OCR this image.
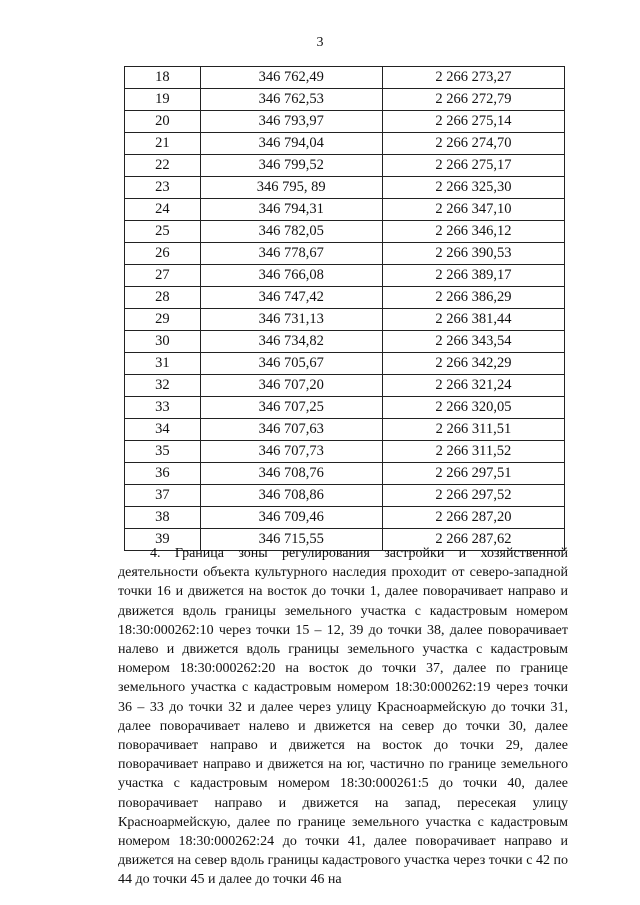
3
18	346 762,49	2 266 273,27
19	346 762,53	2 266 272,79
20	346 793,97	2 266 275,14
21	346 794,04	2 266 274,70
22	346 799,52	2 266 275,17
23	346 795, 89	2 266 325,30
24	346 794,31	2 266 347,10
25	346 782,05	2 266 346,12
26	346 778,67	2 266 390,53
27	346 766,08	2 266 389,17
28	346 747,42	2 266 386,29
29	346 731,13	2 266 381,44
30	346 734,82	2 266 343,54
31	346 705,67	2 266 342,29
32	346 707,20	2 266 321,24
33	346 707,25	2 266 320,05
34	346 707,63	2 266 311,51
35	346 707,73	2 266 311,52
36	346 708,76	2 266 297,51
37	346 708,86	2 266 297,52
38	346 709,46	2 266 287,20
39	346 715,55	2 266 287,62
4. Граница зоны регулирования застройки и хозяйственной деятельности объекта культурного наследия проходит от северо-западной точки 16 и движется на восток до точки 1, далее поворачивает направо и движется вдоль границы земельного участка с кадастровым номером 18:30:000262:10 через точки 15 – 12, 39 до точки 38, далее поворачивает налево и движется вдоль границы земельного участка с кадастровым номером 18:30:000262:20 на восток до точки 37, далее по границе земельного участка с кадастровым номером 18:30:000262:19 через точки 36 – 33 до точки 32 и далее через улицу Красноармейскую до точки 31, далее поворачивает налево и движется на север до точки 30, далее поворачивает направо и движется на восток до точки 29, далее поворачивает направо и движется на юг, частично по границе земельного участка с кадастровым номером 18:30:000261:5 до точки 40, далее поворачивает направо и движется на запад, пересекая улицу Красноармейскую, далее по границе земельного участка с кадастровым номером 18:30:000262:24 до точки 41, далее поворачивает направо и движется на север вдоль границы кадастрового участка через точки с 42 по 44 до точки 45 и далее до точки 46 на
